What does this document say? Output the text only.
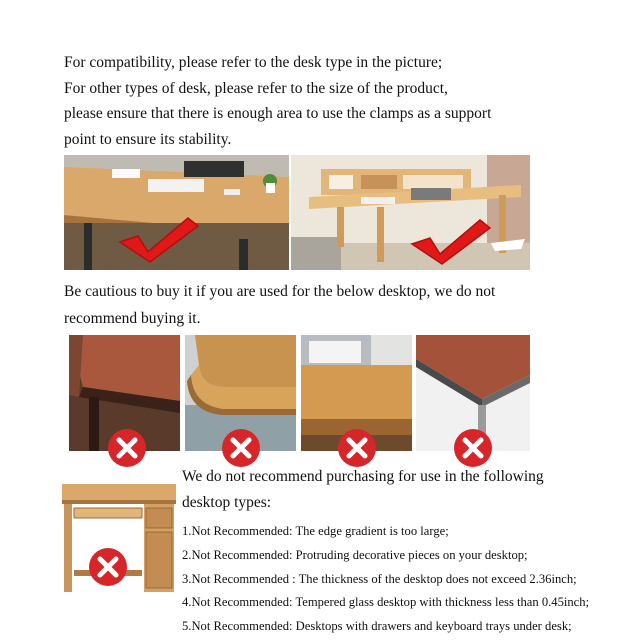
For compatibility, please refer to the desk type in the picture;
For other types of desk, please refer to the size of the product,
please ensure that there is enough area to use the clamps as a support
point to ensure its stability.
Be cautious to buy it if you are used for the below desktop, we do not
recommend buying it.
We do not recommend purchasing for use in the following
desktop types:
1.Not Recommended: The edge gradient is too large;
2.Not Recommended: Protruding decorative pieces on your desktop;
3.Not Recommended : The thickness of the desktop does not exceed 2.36inch;
4.Not Recommended: Tempered glass desktop with thickness less than 0.45inch;
5.Not Recommended: Desktops with drawers and keyboard trays under desk;
